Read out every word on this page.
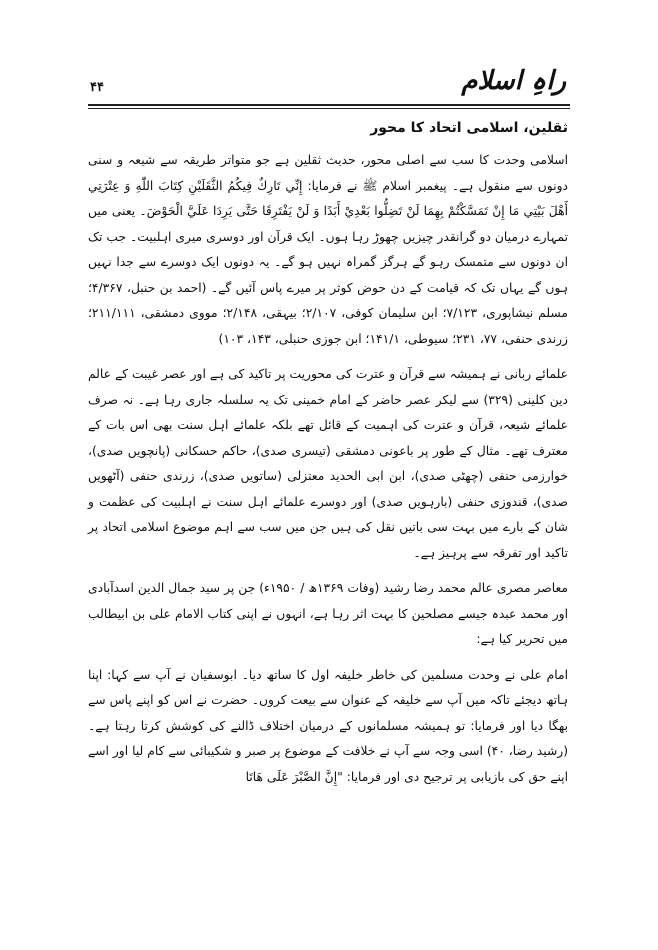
۴۴	راہِ اسلام
ثقلین، اسلامی اتحاد کا محور

اسلامی وحدت کا سب سے اصلی محور، حدیث ثقلین ہے جو متواتر طریقہ سے شیعہ و سنی دونوں سے منقول ہے۔ پیغمبر اسلام ﷺ نے فرمایا: إِنِّي تَارِكٌ فِيكُمُ الثَّقَلَيْنِ كِتَابَ اللّٰهِ وَ عِتْرَتِي أَهْلَ بَيْتِي مَا إِنْ تَمَسَّكْتُمْ بِهِمَا لَنْ تَضِلُّوا بَعْدِيْ أَبَدًا وَ لَنْ يَفْتَرِقَا حَتَّى يَرِدَا عَلَيَّ الْحَوْضَ۔ یعنی میں تمہارے درمیان دو گرانقدر چیزیں چھوڑ رہا ہوں۔ ایک قرآن اور دوسری میری اہلبیت۔ جب تک ان دونوں سے متمسک رہو گے ہرگز گمراہ نہیں ہو گے۔ یہ دونوں ایک دوسرے سے جدا نہیں ہوں گے یہاں تک کہ قیامت کے دن حوض کوثر پر میرے پاس آئیں گے۔ (احمد بن حنبل، ۴/۳۶۷؛ مسلم نیشاپوری، ۷/۱۲۳؛ ابن سلیمان کوفی، ۲/۱۰۷؛ بیہقی، ۲/۱۴۸؛ مووی دمشقی، ۲۱۱/۱۱۱؛ زرندی حنفی، ۷۷، ۲۳۱؛ سیوطی، ۱۴۱/۱؛ ابن جوزی حنبلی، ۱۴۳، ۱۰۳)

علمائے ربانی نے ہمیشہ سے قرآن و عترت کی محوریت پر تاکید کی ہے اور عصر غیبت کے عالم دین کلینی (۳۲۹) سے لیکر عصر حاضر کے امام خمینی تک یہ سلسلہ جاری رہا ہے۔ نہ صرف علمائے شیعہ، قرآن و عترت کی اہمیت کے قائل تھے بلکہ علمائے اہل سنت بھی اس بات کے معترف تھے۔ مثال کے طور پر باعونی دمشقی (تیسری صدی)، حاکم حسکانی (پانچویں صدی)، خوارزمی حنفی (چھٹی صدی)، ابن ابی الحدید معتزلی (ساتویں صدی)، زرندی حنفی (آٹھویں صدی)، قندوزی حنفی (بارہویں صدی) اور دوسرے علمائے اہل سنت نے اہلبیت کی عظمت و شان کے بارے میں بہت سی باتیں نقل کی ہیں جن میں سب سے اہم موضوع اسلامی اتحاد پر تاکید اور تفرقہ سے پرہیز ہے۔

معاصر مصری عالم محمد رضا رشید (وفات ۱۳۶۹ھ / ۱۹۵۰ء) جن پر سید جمال الدین اسدآبادی اور محمد عبدہ جیسے مصلحین کا بہت اثر رہا ہے، انہوں نے اپنی کتاب الامام علی بن ابیطالب میں تحریر کیا ہے:

امام علی نے وحدت مسلمین کی خاطر خلیفہ اول کا ساتھ دیا۔ ابوسفیان نے آپ سے کہا: اپنا ہاتھ دیجئے تاکہ میں آپ سے خلیفہ کے عنوان سے بیعت کروں۔ حضرت نے اس کو اپنے پاس سے بھگا دیا اور فرمایا: تو ہمیشہ مسلمانوں کے درمیان اختلاف ڈالنے کی کوشش کرتا رہتا ہے۔ (رشید رضا، ۴۰) اسی وجہ سے آپ نے خلافت کے موضوع پر صبر و شکیبائی سے کام لیا اور اسے اپنے حق کی بازیابی پر ترجیح دی اور فرمایا: "إِنَّ الصَّبْرَ عَلَى هَاتَا
